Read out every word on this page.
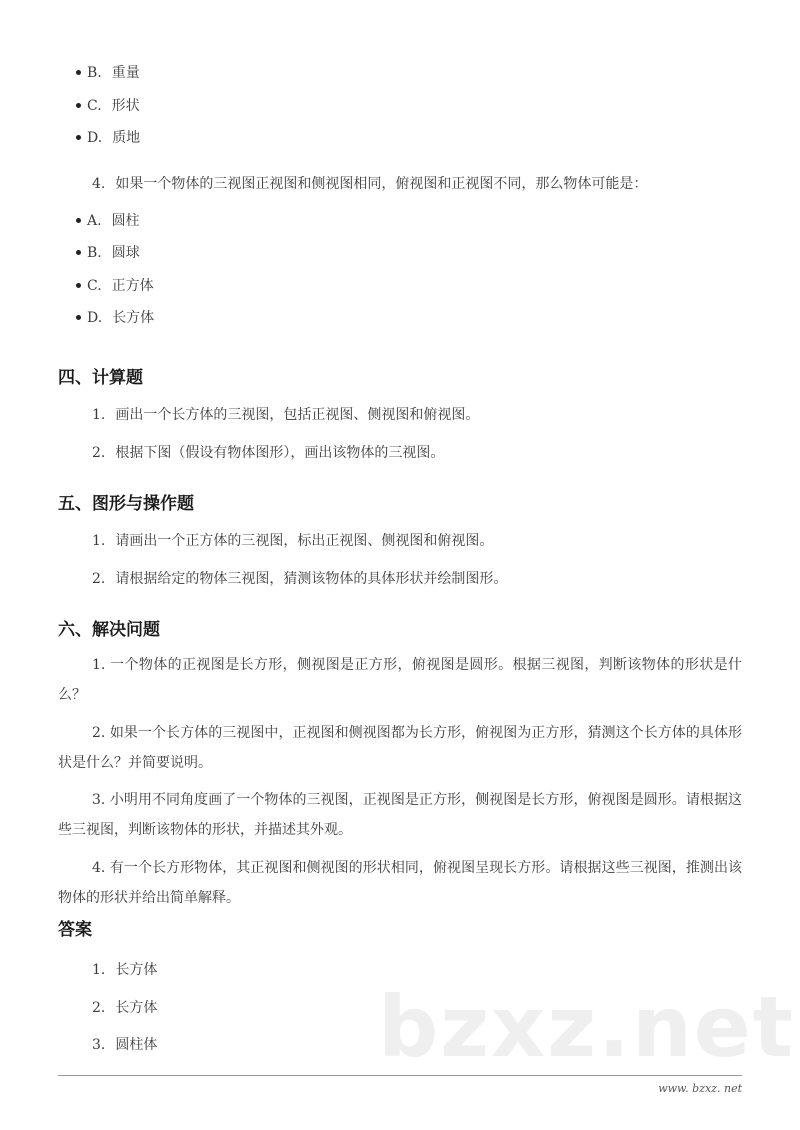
bzxz.net
B. 重量
C. 形状
D. 质地
4. 如果一个物体的三视图正视图和侧视图相同，俯视图和正视图不同，那么物体可能是：
A. 圆柱
B. 圆球
C. 正方体
D. 长方体
四、计算题
1. 画出一个长方体的三视图，包括正视图、侧视图和俯视图。
2. 根据下图（假设有物体图形），画出该物体的三视图。
五、图形与操作题
1. 请画出一个正方体的三视图，标出正视图、侧视图和俯视图。
2. 请根据给定的物体三视图，猜测该物体的具体形状并绘制图形。
六、解决问题
1. 一个物体的正视图是长方形，侧视图是正方形，俯视图是圆形。根据三视图，判断该物体的形状是什么？
2. 如果一个长方体的三视图中，正视图和侧视图都为长方形，俯视图为正方形，猜测这个长方体的具体形状是什么？并简要说明。
3. 小明用不同角度画了一个物体的三视图，正视图是正方形，侧视图是长方形，俯视图是圆形。请根据这些三视图，判断该物体的形状，并描述其外观。
4. 有一个长方形物体，其正视图和侧视图的形状相同，俯视图呈现长方形。请根据这些三视图，推测出该物体的形状并给出简单解释。
答案
1. 长方体
2. 长方体
3. 圆柱体
www. bzxz. net
